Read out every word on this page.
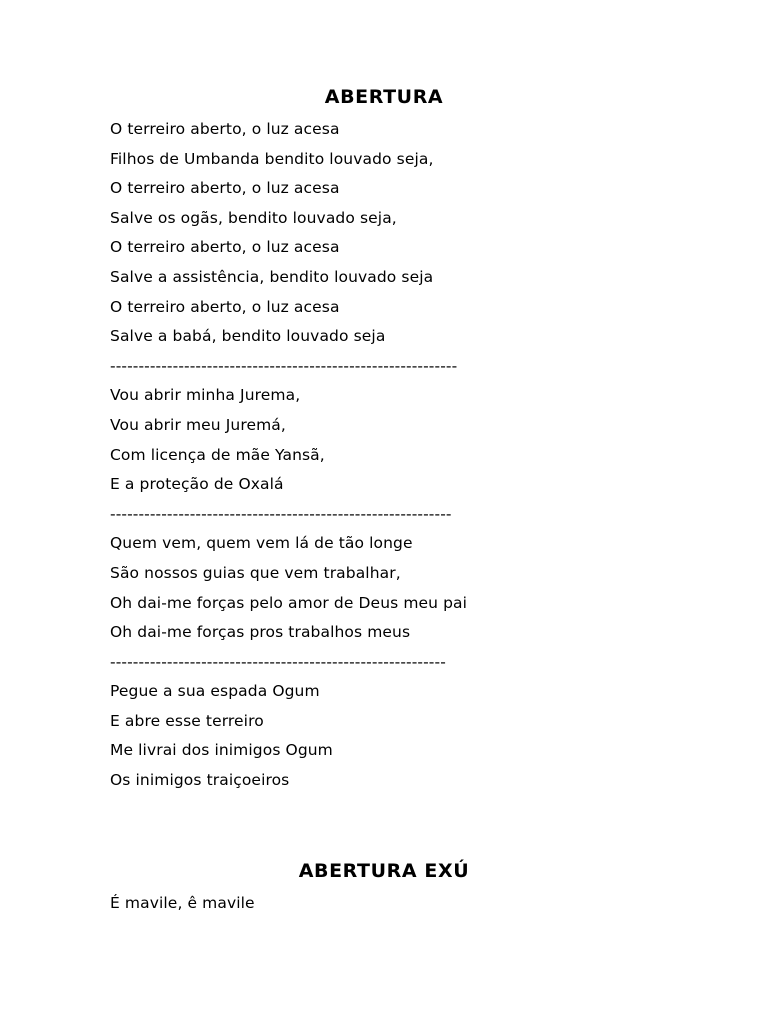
ABERTURA
O terreiro aberto, o luz acesa
Filhos de Umbanda bendito louvado seja,
O terreiro aberto, o luz acesa
Salve os ogãs, bendito louvado seja,
O terreiro aberto, o luz acesa
Salve a assistência, bendito louvado seja
O terreiro aberto, o luz acesa
Salve a babá, bendito louvado seja
-------------------------------------------------------------
Vou abrir minha Jurema,
Vou abrir meu Juremá,
Com licença de mãe Yansã,
E a proteção de Oxalá
------------------------------------------------------------
Quem vem, quem vem lá de tão longe
São nossos guias que vem trabalhar,
Oh dai-me forças pelo amor de Deus meu pai
Oh dai-me forças pros trabalhos meus
-----------------------------------------------------------
Pegue a sua espada Ogum
E abre esse terreiro
Me livrai dos inimigos Ogum
Os inimigos traiçoeiros
ABERTURA EXÚ
É mavile, ê mavile
